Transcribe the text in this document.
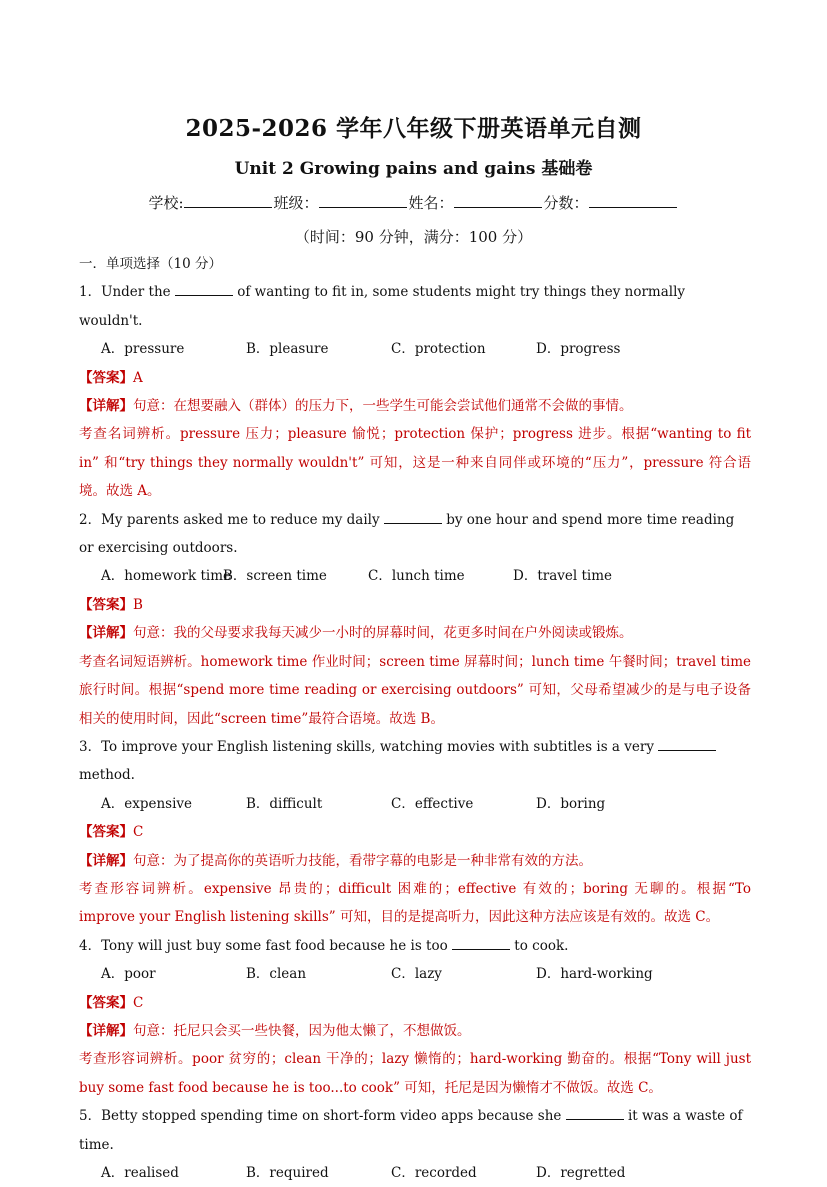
2025-2026 学年八年级下册英语单元自测
Unit 2 Growing pains and gains 基础卷
学校:	班级：	姓名：	分数：
（时间：90 分钟，满分：100 分）
一．单项选择（10 分）
1．Under the	of wanting to fit in, some students might try things they normally wouldn't.
A．pressure	B．pleasure	C．protection	D．progress
【答案】A
【详解】句意：在想要融入（群体）的压力下，一些学生可能会尝试他们通常不会做的事情。
考查名词辨析。pressure 压力；pleasure 愉悦；protection 保护；progress 进步。根据“wanting to fit in” 和“try things they normally wouldn't” 可知，这是一种来自同伴或环境的“压力”，pressure 符合语境。故选 A。
2．My parents asked me to reduce my daily	by one hour and spend more time reading or exercising outdoors.
A．homework time
B．screen time	C．lunch time	D．travel time
【答案】B
【详解】句意：我的父母要求我每天减少一小时的屏幕时间，花更多时间在户外阅读或锻炼。
考查名词短语辨析。homework time 作业时间；screen time 屏幕时间；lunch time 午餐时间；travel time 旅行时间。根据“spend more time reading or exercising outdoors” 可知，父母希望减少的是与电子设备相关的使用时间，因此“screen time”最符合语境。故选 B。
3．To improve your English listening skills, watching movies with subtitles is a very  method.
A．expensive	B．difficult	C．effective	D．boring
【答案】C
【详解】句意：为了提高你的英语听力技能，看带字幕的电影是一种非常有效的方法。
考查形容词辨析。expensive 昂贵的；difficult 困难的；effective 有效的；boring 无聊的。根据“To improve your English listening skills” 可知，目的是提高听力，因此这种方法应该是有效的。故选 C。
4．Tony will just buy some fast food because he is too	to cook.
A．poor	B．clean	C．lazy	D．hard-working
【答案】C
【详解】句意：托尼只会买一些快餐，因为他太懒了，不想做饭。
考查形容词辨析。poor 贫穷的；clean 干净的；lazy 懒惰的；hard-working 勤奋的。根据“Tony will just buy some fast food because he is too...to cook” 可知，托尼是因为懒惰才不做饭。故选 C。
5．Betty stopped spending time on short-form video apps because she	it was a waste of time.
A．realised	B．required	C．recorded	D．regretted
